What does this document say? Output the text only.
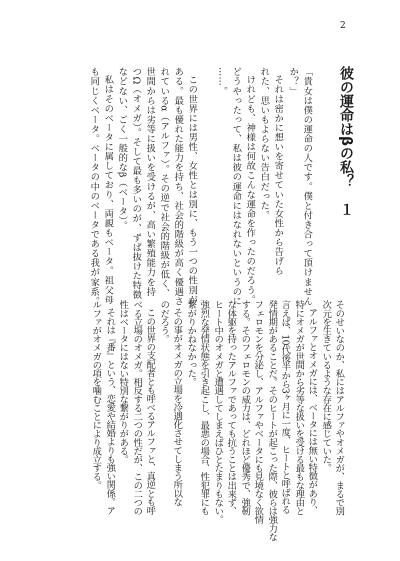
2
彼の運命はβの私？　１
「貴女は僕の運命の人です。僕と付き合って頂けません
か？」
それは密かに想いを寄せていた女性から告げら
れた、思いもよらない告白だった。
けれども、神様は何故こんな運命を作ったのだろう。
どうやったって、私は彼の運命にはなれないというのに
……。
この世界には男性、女性とは別に、もう一つの性別が
ある。最も優れた能力を持ち、社会的階級が高く優遇さ
れているα（アルファ）。その逆で社会的階級が低く、
世間からは劣等に扱いを受けるが、高い繁殖能力を持
つΩ（オメガ）。そして最も多いのが、ずば抜けた特徴
などない、ごく一般的なβ（ベータ）。
私はそのベータに属しており、両親もベータ。祖父母
も同じくベータ。ベータの中のベータである我が家系。
そのせいなのか、私にはアルファやオメガが、まるで別
次元を生きているような存在に感じていた。
アルファとオメガには、ベータには無い特徴があり、
特にオメガが世間から劣等な扱いを受ける最もな理由と
言えば、10代後半から3ヶ月に一度、ヒートと呼ばれる
発情期があることだ。そのヒートが起こった際、彼らは強力な
フェロモンを分泌し、アルファやベータにも見境なく欲情
する。そのフェロモンの威力は、どれほど優秀で、強靭
な体躯を持ったアルファであっても抗うことは出来ず、
ヒート中のオメガと遭遇してしまえばひとたまりもない。
強烈な発情状態を引き起こし、最悪の場合、性犯罪にも
繋がりかねなかった。
その事がオメガの立場を冷遇化させてしまう所以な
のだろう。
この世界の支配者とも呼べるアルファと、真逆とも呼
べる立場のオメガ。相反する二つの性だが、この二つの
性はベータにはない特別な繋がりがある。
それは『番』という、恋愛や結婚よりも強い関係。ア
ルファがオメガの項を噛むことにより成立する。
